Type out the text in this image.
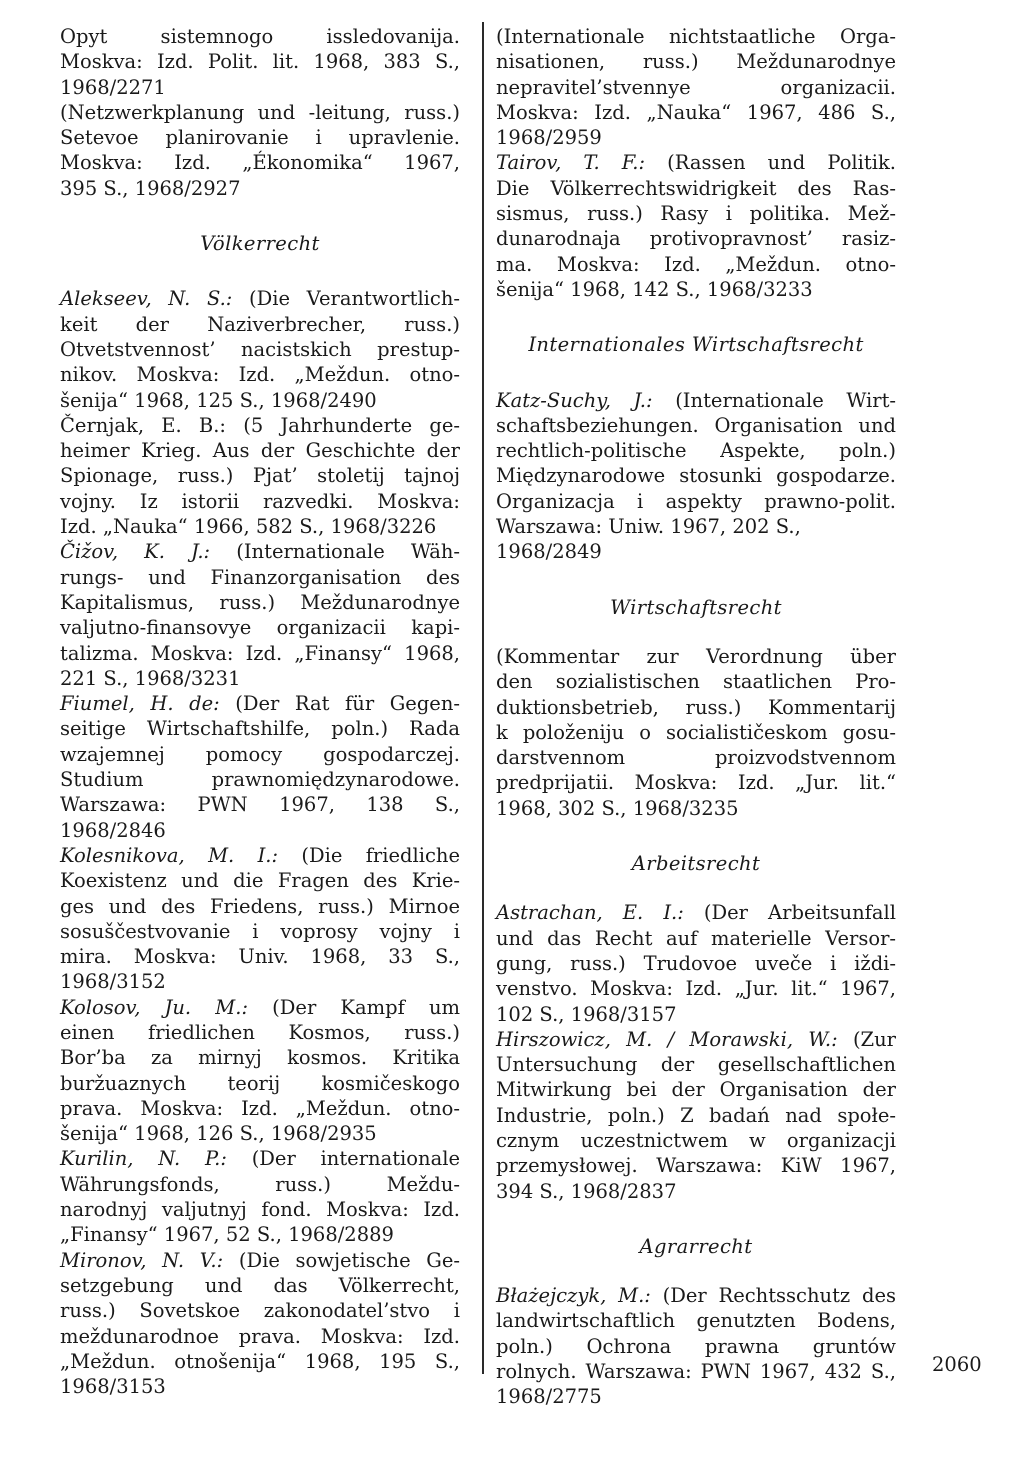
Opyt sistemnogo issledovanija.
Moskva: Izd. Polit. lit. 1968, 383 S.,
1968/2271
(Netzwerkplanung und -leitung, russ.)
Setevoe planirovanie i upravlenie.
Moskva: Izd. „Ékonomika“ 1967,
395 S., 1968/2927

Völkerrecht

Alekseev, N. S.: (Die Verantwortlich-
keit der Naziverbrecher, russ.)
Otvetstvennost’ nacistskich prestup-
nikov. Moskva: Izd. „Meždun. otno-
šenija“ 1968, 125 S., 1968/2490
Černjak, E. B.: (5 Jahrhunderte ge-
heimer Krieg. Aus der Geschichte der
Spionage, russ.) Pjat’ stoletij tajnoj
vojny. Iz istorii razvedki. Moskva:
Izd. „Nauka“ 1966, 582 S., 1968/3226
Čižov, K. J.: (Internationale Wäh-
rungs- und Finanzorganisation des
Kapitalismus, russ.) Meždunarodnye
valjutno-finansovye organizacii kapi-
talizma. Moskva: Izd. „Finansy“ 1968,
221 S., 1968/3231
Fiumel, H. de: (Der Rat für Gegen-
seitige Wirtschaftshilfe, poln.) Rada
wzajemnej pomocy gospodarczej.
Studium prawnomiędzynarodowe.
Warszawa: PWN 1967, 138 S.,
1968/2846
Kolesnikova, M. I.: (Die friedliche
Koexistenz und die Fragen des Krie-
ges und des Friedens, russ.) Mirnoe
sosuščestvovanie i voprosy vojny i
mira. Moskva: Univ. 1968, 33 S.,
1968/3152
Kolosov, Ju. M.: (Der Kampf um
einen friedlichen Kosmos, russ.)
Bor’ba za mirnyj kosmos. Kritika
buržuaznych teorij kosmičeskogo
prava. Moskva: Izd. „Meždun. otno-
šenija“ 1968, 126 S., 1968/2935
Kurilin, N. P.: (Der internationale
Währungsfonds, russ.) Meždu-
narodnyj valjutnyj fond. Moskva: Izd.
„Finansy“ 1967, 52 S., 1968/2889
Mironov, N. V.: (Die sowjetische Ge-
setzgebung und das Völkerrecht,
russ.) Sovetskoe zakonodatel’stvo i
meždunarodnoe prava. Moskva: Izd.
„Meždun. otnošenija“ 1968, 195 S.,
1968/3153
(Internationale nichtstaatliche Orga-
nisationen, russ.) Meždunarodnye
nepravitel’stvennye organizacii.
Moskva: Izd. „Nauka“ 1967, 486 S.,
1968/2959
Tairov, T. F.: (Rassen und Politik.
Die Völkerrechtswidrigkeit des Ras-
sismus, russ.) Rasy i politika. Mež-
dunarodnaja protivopravnost’ rasiz-
ma. Moskva: Izd. „Meždun. otno-
šenija“ 1968, 142 S., 1968/3233

Internationales Wirtschaftsrecht

Katz-Suchy, J.: (Internationale Wirt-
schaftsbeziehungen. Organisation und
rechtlich-politische Aspekte, poln.)
Międzynarodowe stosunki gospodarze.
Organizacja i aspekty prawno-polit.
Warszawa: Uniw. 1967, 202 S.,
1968/2849

Wirtschaftsrecht

(Kommentar zur Verordnung über
den sozialistischen staatlichen Pro-
duktionsbetrieb, russ.) Kommentarij
k položeniju o socialističeskom gosu-
darstvennom proizvodstvennom
predprijatii. Moskva: Izd. „Jur. lit.“
1968, 302 S., 1968/3235

Arbeitsrecht

Astrachan, E. I.: (Der Arbeitsunfall
und das Recht auf materielle Versor-
gung, russ.) Trudovoe uveče i iždi-
venstvo. Moskva: Izd. „Jur. lit.“ 1967,
102 S., 1968/3157
Hirszowicz, M. / Morawski, W.: (Zur
Untersuchung der gesellschaftlichen
Mitwirkung bei der Organisation der
Industrie, poln.) Z badań nad społe-
cznym uczestnictwem w organizacji
przemysłowej. Warszawa: KiW 1967,
394 S., 1968/2837

Agrarrecht

Błażejczyk, M.: (Der Rechtsschutz des
landwirtschaftlich genutzten Bodens,
poln.) Ochrona prawna gruntów
rolnych. Warszawa: PWN 1967, 432 S.,
1968/2775
2060
